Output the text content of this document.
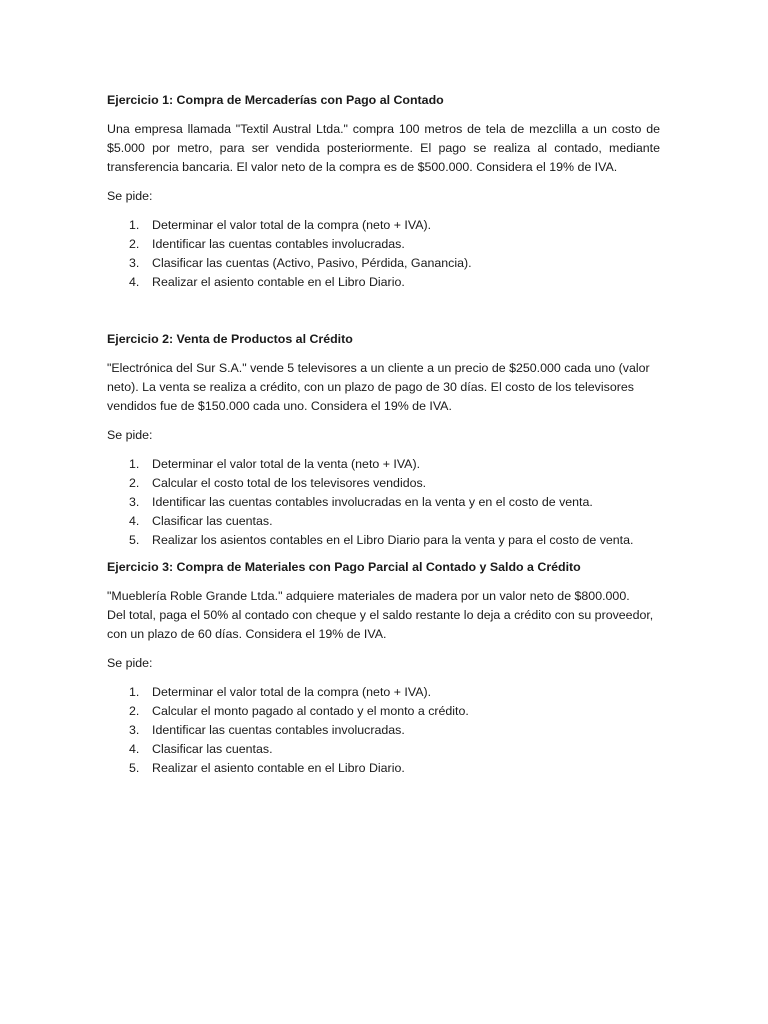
Ejercicio 1: Compra de Mercaderías con Pago al Contado

Una empresa llamada "Textil Austral Ltda." compra 100 metros de tela de mezclilla a un costo de
$5.000 por metro, para ser vendida posteriormente. El pago se realiza al contado, mediante
transferencia bancaria. El valor neto de la compra es de $500.000. Considera el 19% de IVA.

Se pide:

1. Determinar el valor total de la compra (neto + IVA).
2. Identificar las cuentas contables involucradas.
3. Clasificar las cuentas (Activo, Pasivo, Pérdida, Ganancia).
4. Realizar el asiento contable en el Libro Diario.

Ejercicio 2: Venta de Productos al Crédito

"Electrónica del Sur S.A." vende 5 televisores a un cliente a un precio de $250.000 cada uno (valor
neto). La venta se realiza a crédito, con un plazo de pago de 30 días. El costo de los televisores
vendidos fue de $150.000 cada uno. Considera el 19% de IVA.

Se pide:

1. Determinar el valor total de la venta (neto + IVA).
2. Calcular el costo total de los televisores vendidos.
3. Identificar las cuentas contables involucradas en la venta y en el costo de venta.
4. Clasificar las cuentas.
5. Realizar los asientos contables en el Libro Diario para la venta y para el costo de venta.

Ejercicio 3: Compra de Materiales con Pago Parcial al Contado y Saldo a Crédito

"Mueblería Roble Grande Ltda." adquiere materiales de madera por un valor neto de $800.000.
Del total, paga el 50% al contado con cheque y el saldo restante lo deja a crédito con su proveedor,
con un plazo de 60 días. Considera el 19% de IVA.

Se pide:

1. Determinar el valor total de la compra (neto + IVA).
2. Calcular el monto pagado al contado y el monto a crédito.
3. Identificar las cuentas contables involucradas.
4. Clasificar las cuentas.
5. Realizar el asiento contable en el Libro Diario.
